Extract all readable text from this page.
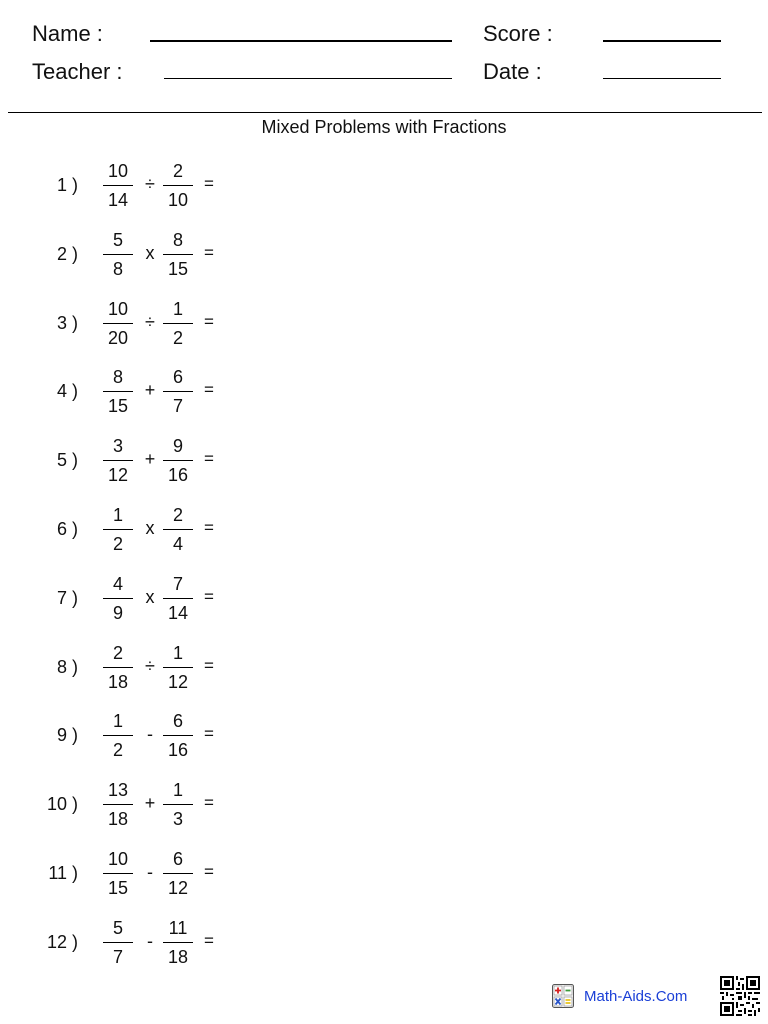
Name :
Teacher :
Score :
Date :
Mixed Problems with Fractions
1 )
10
14
÷
2
10
=
2 )
5
8
x
8
15
=
3 )
10
20
÷
1
2
=
4 )
8
15
+
6
7
=
5 )
3
12
+
9
16
=
6 )
1
2
x
2
4
=
7 )
4
9
x
7
14
=
8 )
2
18
÷
1
12
=
9 )
1
2
-
6
16
=
10 )
13
18
+
1
3
=
11 )
10
15
-
6
12
=
12 )
5
7
-
11
18
=
Math-Aids.Com
